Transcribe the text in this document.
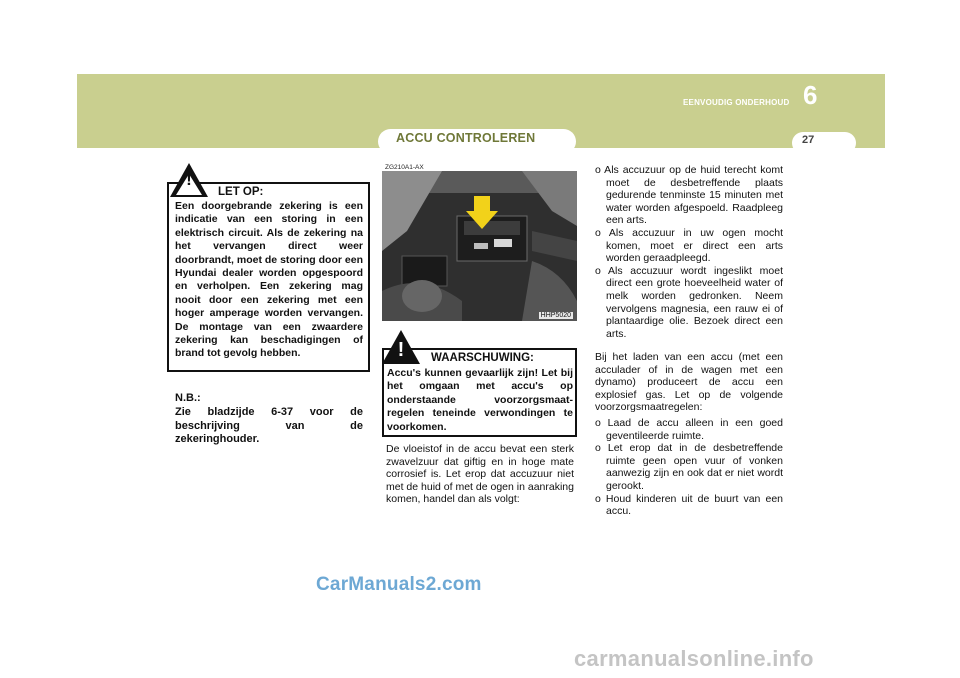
6
EENVOUDIG ONDERHOUD
ACCU CONTROLEREN	27
!
LET OP:
Een doorgebrande zekering is een indicatie van een storing in een elektrisch circuit. Als de zekering na het vervangen direct weer doorbrandt, moet de storing door een Hyundai dealer worden opgespoord en verholpen. Een zekering mag nooit door een zekering met een hoger amperage worden vervangen. De montage van een zwaardere zekering kan beschadigingen of brand tot gevolg hebben.
N.B.:
Zie bladzijde 6-37 voor de beschrijving van de zekeringhouder.
ZG210A1-AX
HHP5020
!	WAARSCHUWING:
Accu's kunnen gevaarlijk zijn! Let bij het omgaan met accu's op onderstaande voorzorgsmaat- regelen teneinde verwondingen te voorkomen.
De vloeistof in de accu bevat een sterk zwavelzuur dat giftig en in hoge mate corrosief is. Let erop dat accuzuur niet met de huid of met de ogen in aanraking komen, handel dan als volgt:
o Als accuzuur op de huid terecht komt moet de desbetreffende plaats gedurende tenminste 15 minuten met water worden afgespoeld. Raadpleeg een arts.
o Als accuzuur in uw ogen mocht komen, moet er direct een arts worden geraadpleegd.
o Als accuzuur wordt ingeslikt moet direct een grote hoeveelheid water of melk worden gedronken. Neem vervolgens magnesia, een rauw ei of plantaardige olie. Bezoek direct een arts.
Bij het laden van een accu (met een acculader of in de wagen met een dynamo) produceert de accu een explosief gas. Let op de volgende voorzorgsmaatregelen:
o Laad de accu alleen in een goed geventileerde ruimte.
o Let erop dat in de desbetreffende ruimte geen open vuur of vonken aanwezig zijn en ook dat er niet wordt gerookt.
o Houd kinderen uit de buurt van een accu.
CarManuals2.com
carmanualsonline.info
